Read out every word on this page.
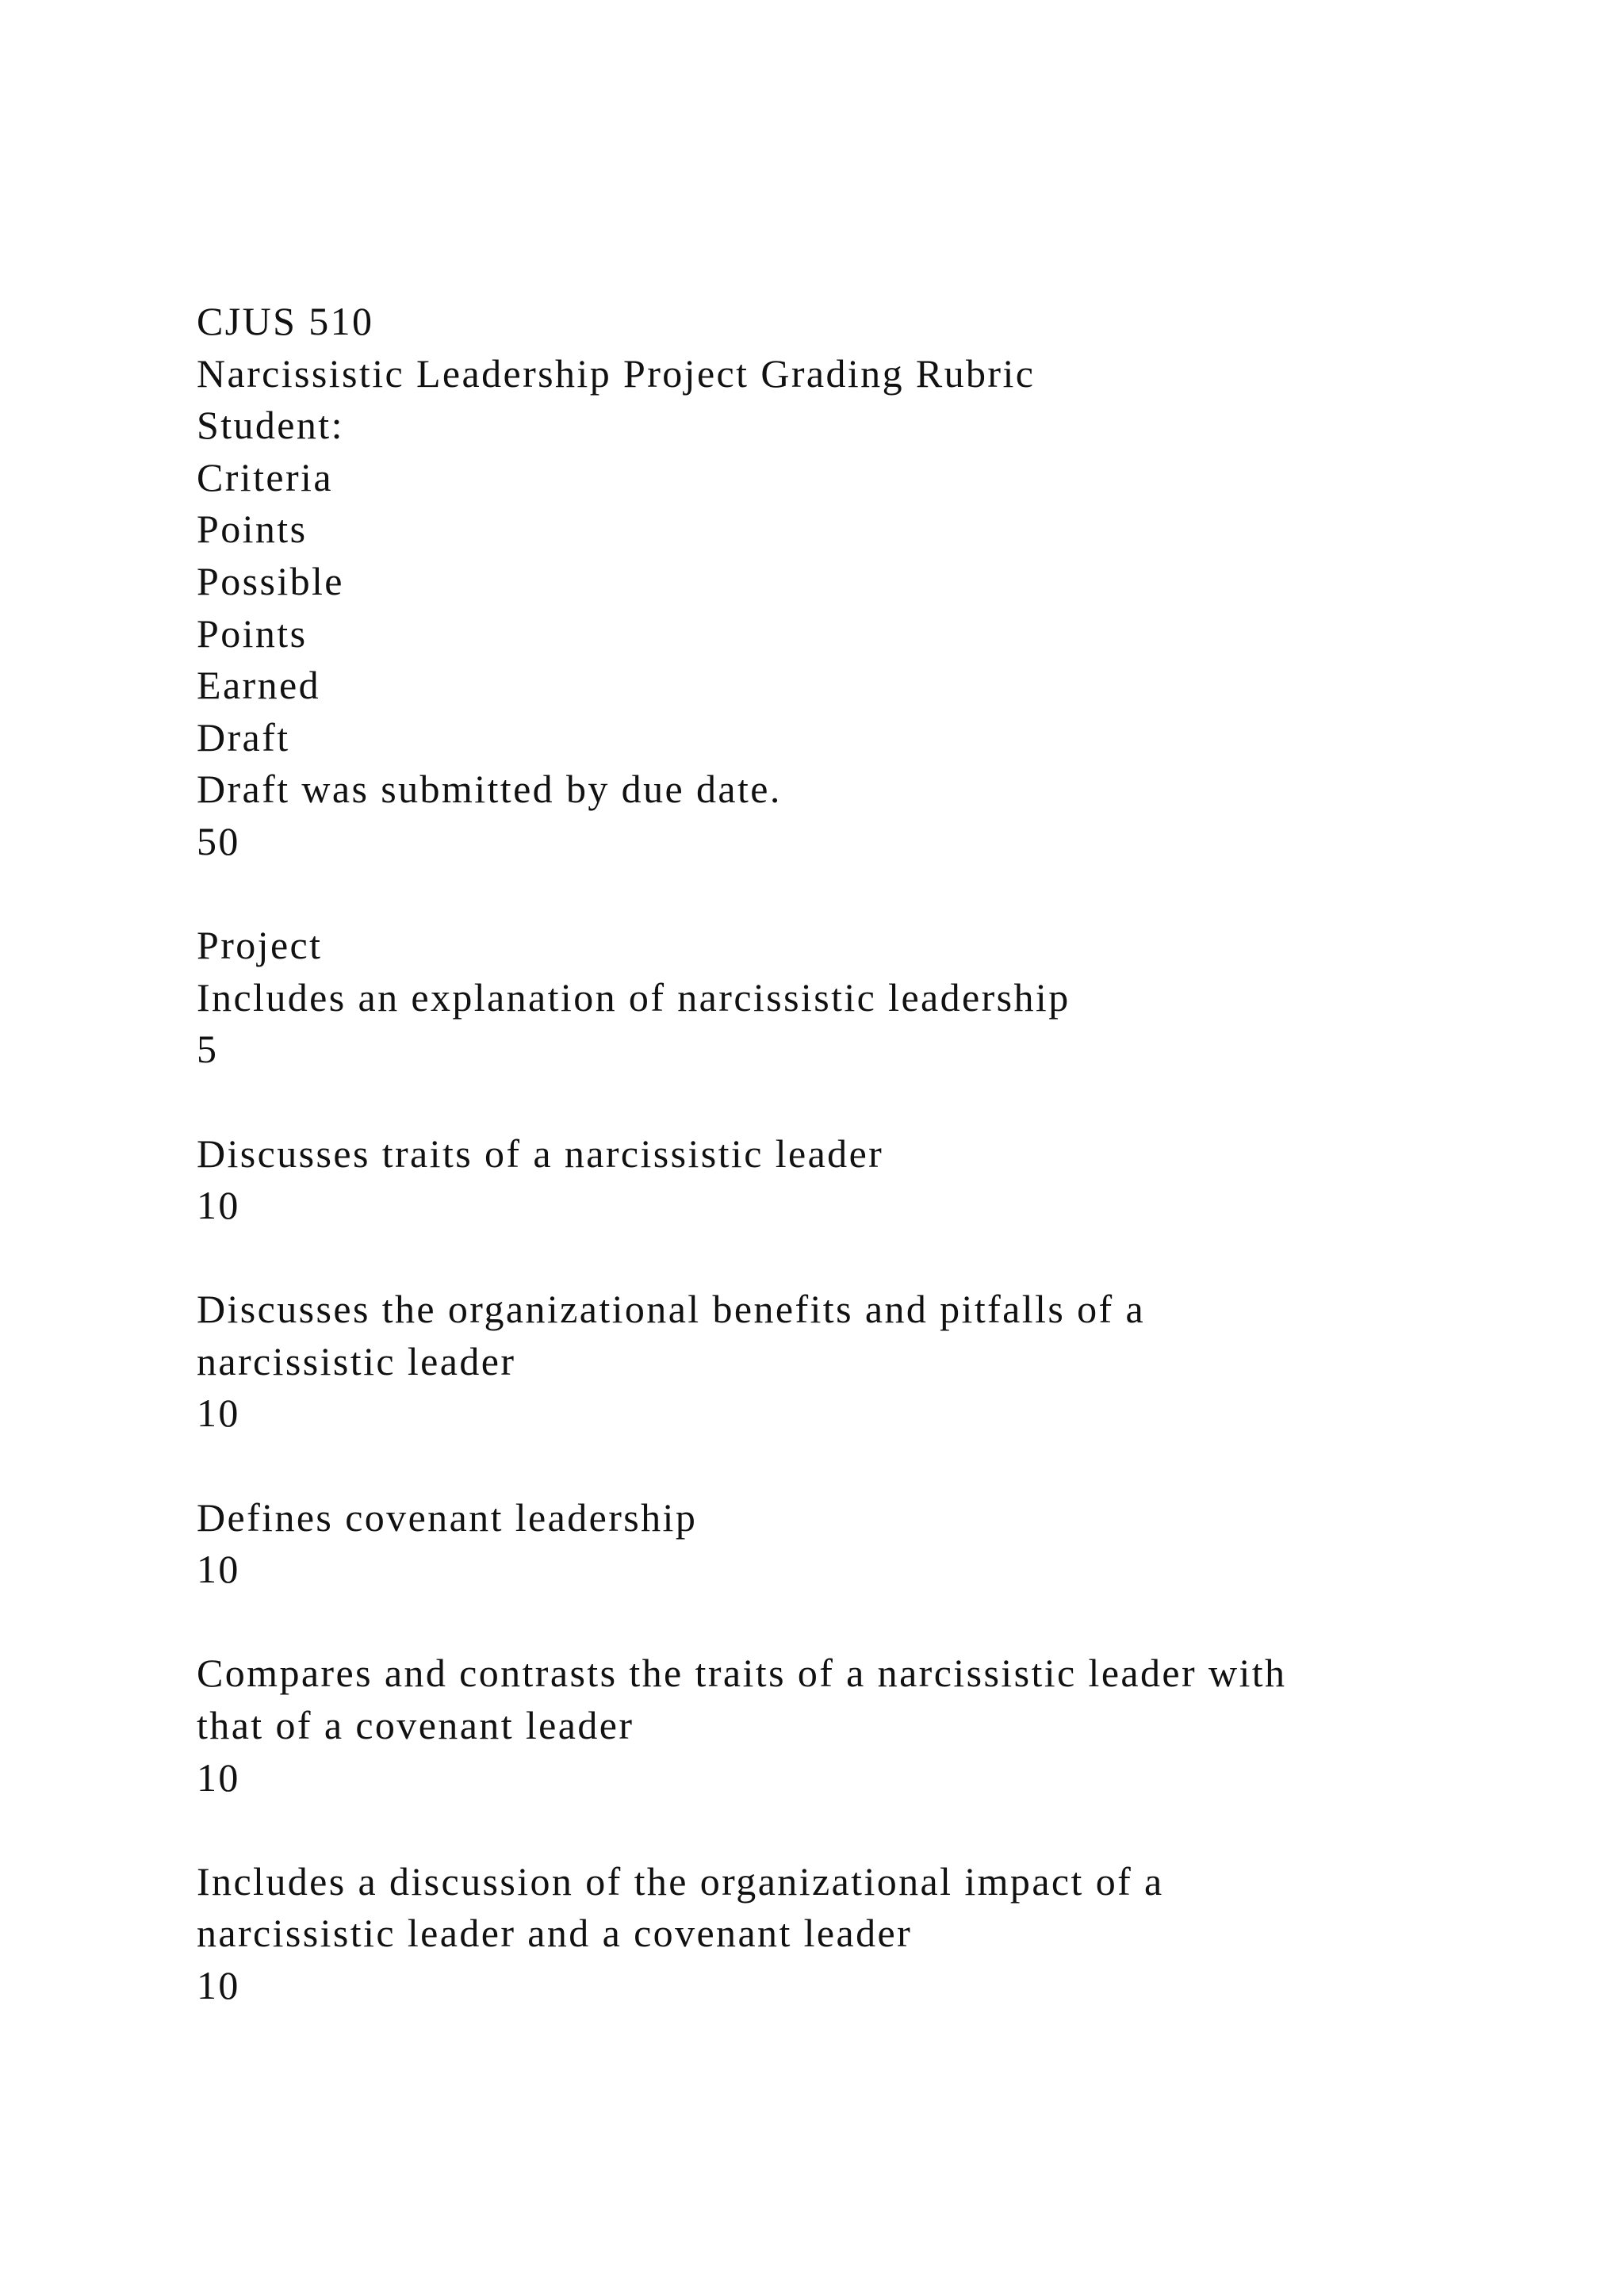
CJUS 510
Narcissistic Leadership Project Grading Rubric
Student:
Criteria
Points
Possible
Points
Earned
Draft
Draft was submitted by due date.
50
Project
Includes an explanation of narcissistic leadership
5
Discusses traits of a narcissistic leader
10
Discusses the organizational benefits and pitfalls of a
narcissistic leader
10
Defines covenant leadership
10
Compares and contrasts the traits of a narcissistic leader with
that of a covenant leader
10
Includes a discussion of the organizational impact of a
narcissistic leader and a covenant leader
10
